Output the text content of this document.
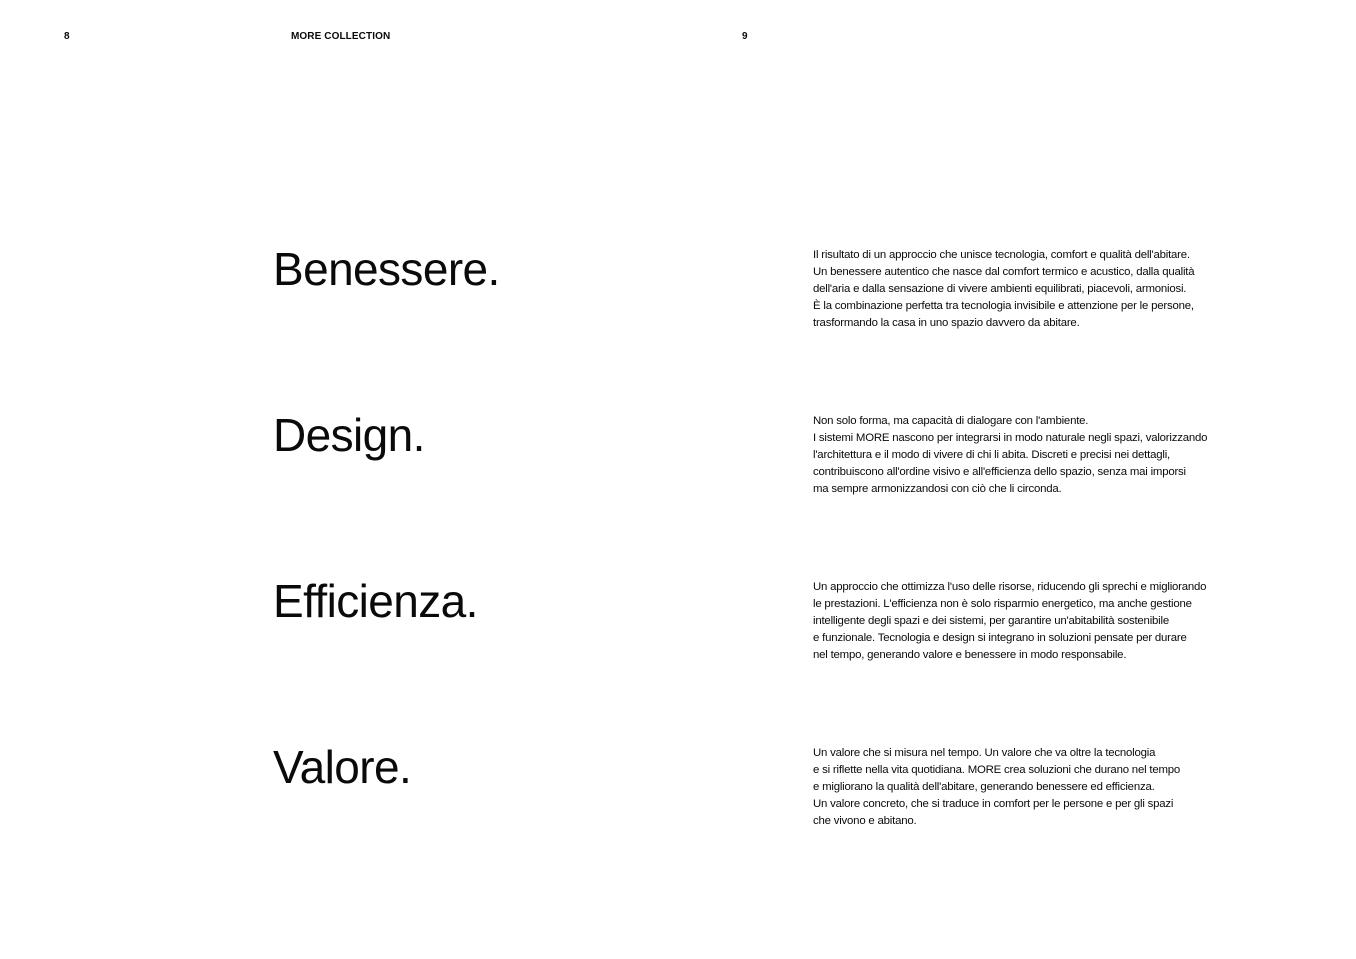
8	MORE COLLECTION	9
Benessere.	Il risultato di un approccio che unisce tecnologia, comfort e qualità dell'abitare.
Un benessere autentico che nasce dal comfort termico e acustico, dalla qualità
dell'aria e dalla sensazione di vivere ambienti equilibrati, piacevoli, armoniosi.
È la combinazione perfetta tra tecnologia invisibile e attenzione per le persone,
trasformando la casa in uno spazio davvero da abitare.
Design.	Non solo forma, ma capacità di dialogare con l'ambiente.
I sistemi MORE nascono per integrarsi in modo naturale negli spazi, valorizzando
l'architettura e il modo di vivere di chi li abita. Discreti e precisi nei dettagli,
contribuiscono all'ordine visivo e all'efficienza dello spazio, senza mai imporsi
ma sempre armonizzandosi con ciò che li circonda.
Efficienza.	Un approccio che ottimizza l'uso delle risorse, riducendo gli sprechi e migliorando
le prestazioni. L'efficienza non è solo risparmio energetico, ma anche gestione
intelligente degli spazi e dei sistemi, per garantire un'abitabilità sostenibile
e funzionale. Tecnologia e design si integrano in soluzioni pensate per durare
nel tempo, generando valore e benessere in modo responsabile.
Valore.	Un valore che si misura nel tempo. Un valore che va oltre la tecnologia
e si riflette nella vita quotidiana. MORE crea soluzioni che durano nel tempo
e migliorano la qualità dell'abitare, generando benessere ed efficienza.
Un valore concreto, che si traduce in comfort per le persone e per gli spazi
che vivono e abitano.
